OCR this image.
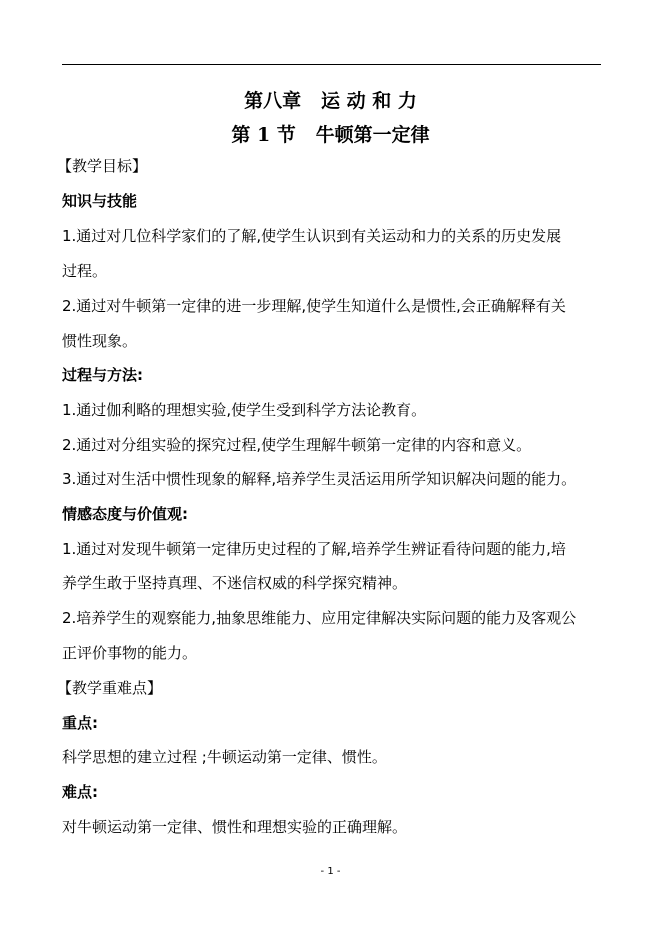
第八章   运 动 和 力
第 1 节   牛顿第一定律
【教学目标】
知识与技能
1.通过对几位科学家们的了解,使学生认识到有关运动和力的关系的历史发展
过程。
2.通过对牛顿第一定律的进一步理解,使学生知道什么是惯性,会正确解释有关
惯性现象。
过程与方法:
1.通过伽利略的理想实验,使学生受到科学方法论教育。
2.通过对分组实验的探究过程,使学生理解牛顿第一定律的内容和意义。
3.通过对生活中惯性现象的解释,培养学生灵活运用所学知识解决问题的能力。
情感态度与价值观:
1.通过对发现牛顿第一定律历史过程的了解,培养学生辨证看待问题的能力,培
养学生敢于坚持真理、不迷信权威的科学探究精神。
2.培养学生的观察能力,抽象思维能力、应用定律解决实际问题的能力及客观公
正评价事物的能力。
【教学重难点】
重点:
科学思想的建立过程 ;牛顿运动第一定律、惯性。
难点:
对牛顿运动第一定律、惯性和理想实验的正确理解。
- 1 -
